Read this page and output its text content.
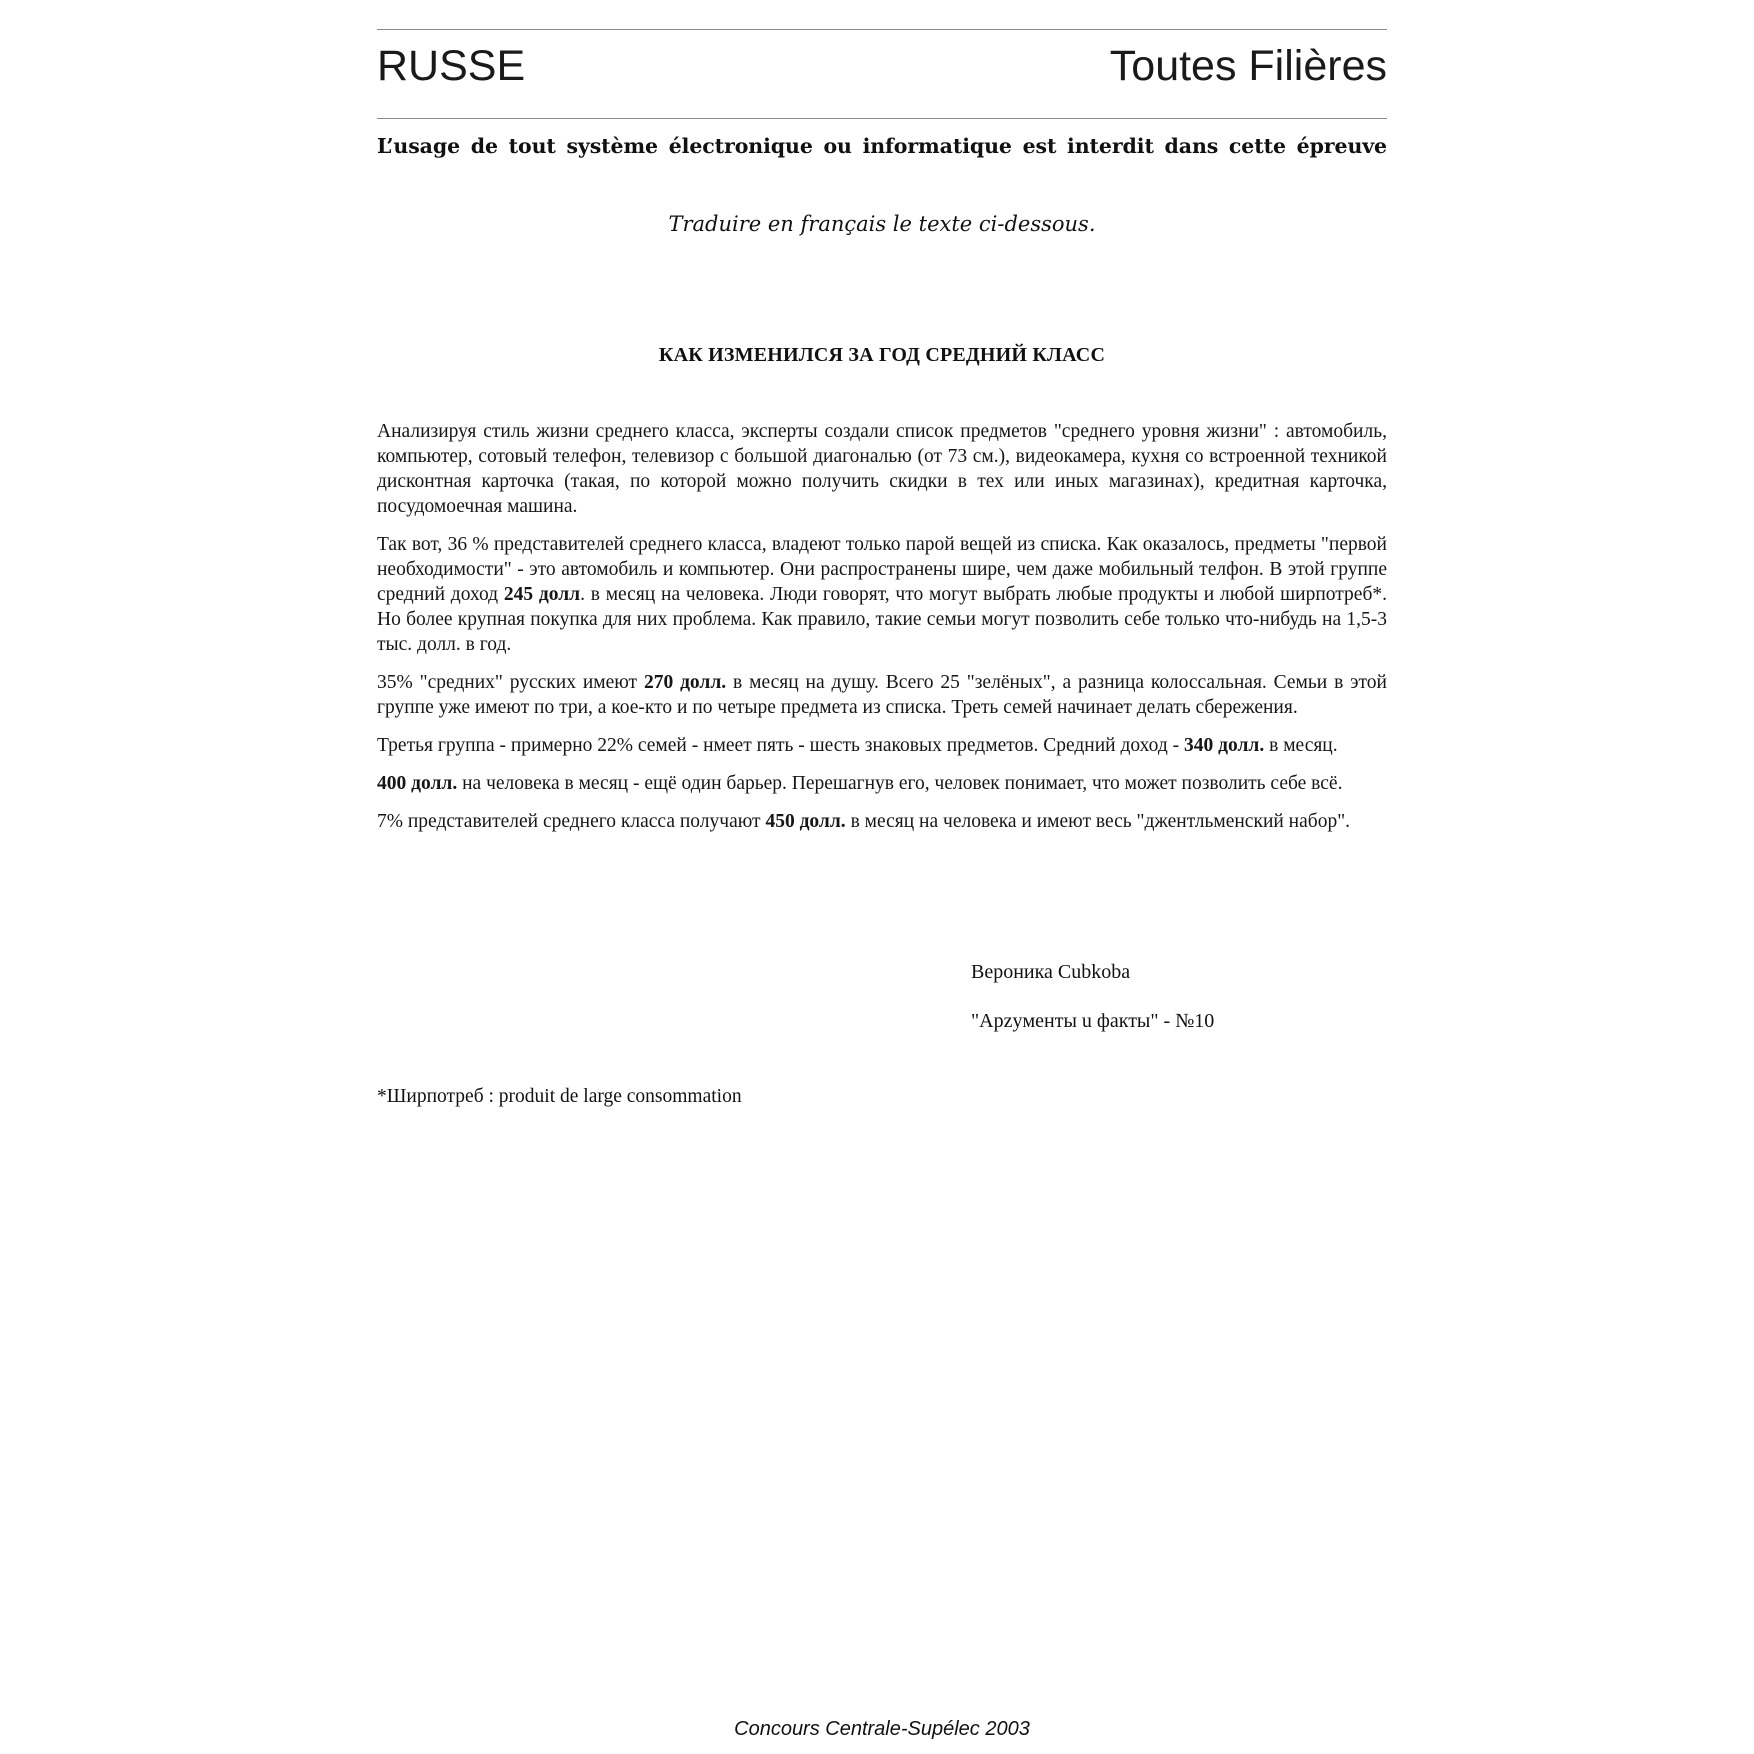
RUSSE	Toutes Filières
L’usage de tout système électronique ou informatique est interdit dans cette épreuve
Traduire en français le texte ci-dessous.
КАК ИЗМЕНИЛСЯ ЗА ГОД СРЕДНИЙ КЛАСС

Анализируя стиль жизни среднего класса, эксперты создали список предметов "среднего уровня жизни" : автомобиль, компьютер, сотовый телефон, телевизор с большой диагональю (от 73 см.), видеокамера, кухня со встроенной техникой дисконтная карточка (такая, по которой можно получить скидки в тех или иных магазинах), кредитная карточка, посудомоечная машина.

Так вот, 36 % представителей среднего класса, владеют только парой вещей из списка. Как оказалось, предметы "первой необходимости" - это автомобиль и компьютер. Они распространены шире, чем даже мобильный телфон. В этой группе средний доход 245 долл. в месяц на человека. Люди говорят, что могут выбрать любые продукты и любой ширпотреб*. Но более крупная покупка для них проблема. Как правило, такие семьи могут позволить себе только что-нибудь на 1,5-3 тыс. долл. в год.

35% "средних" русских имеют 270 долл. в месяц на душу. Всего 25 "зелёных", а разница колоссальная. Семьи в этой группе уже имеют по три, а кое-кто и по четыре предмета из списка. Треть семей начинает делать сбережения.

Третья группа - примерно 22% семей - нмеет пять - шесть знаковых предметов. Средний доход - 340 долл. в месяц.

400 долл. на человека в месяц - ещё один барьер. Перешагнув его, человек понимает, что может позволить себе всё.

7% представителей среднего класса получают 450 долл. в месяц на человека и имеют весь "джентльменский набор".

Вероника Cubkoba
"Apzyменты u факты" - №10
*Ширпотреб : produit de large consommation
Concours Centrale-Supélec 2003
